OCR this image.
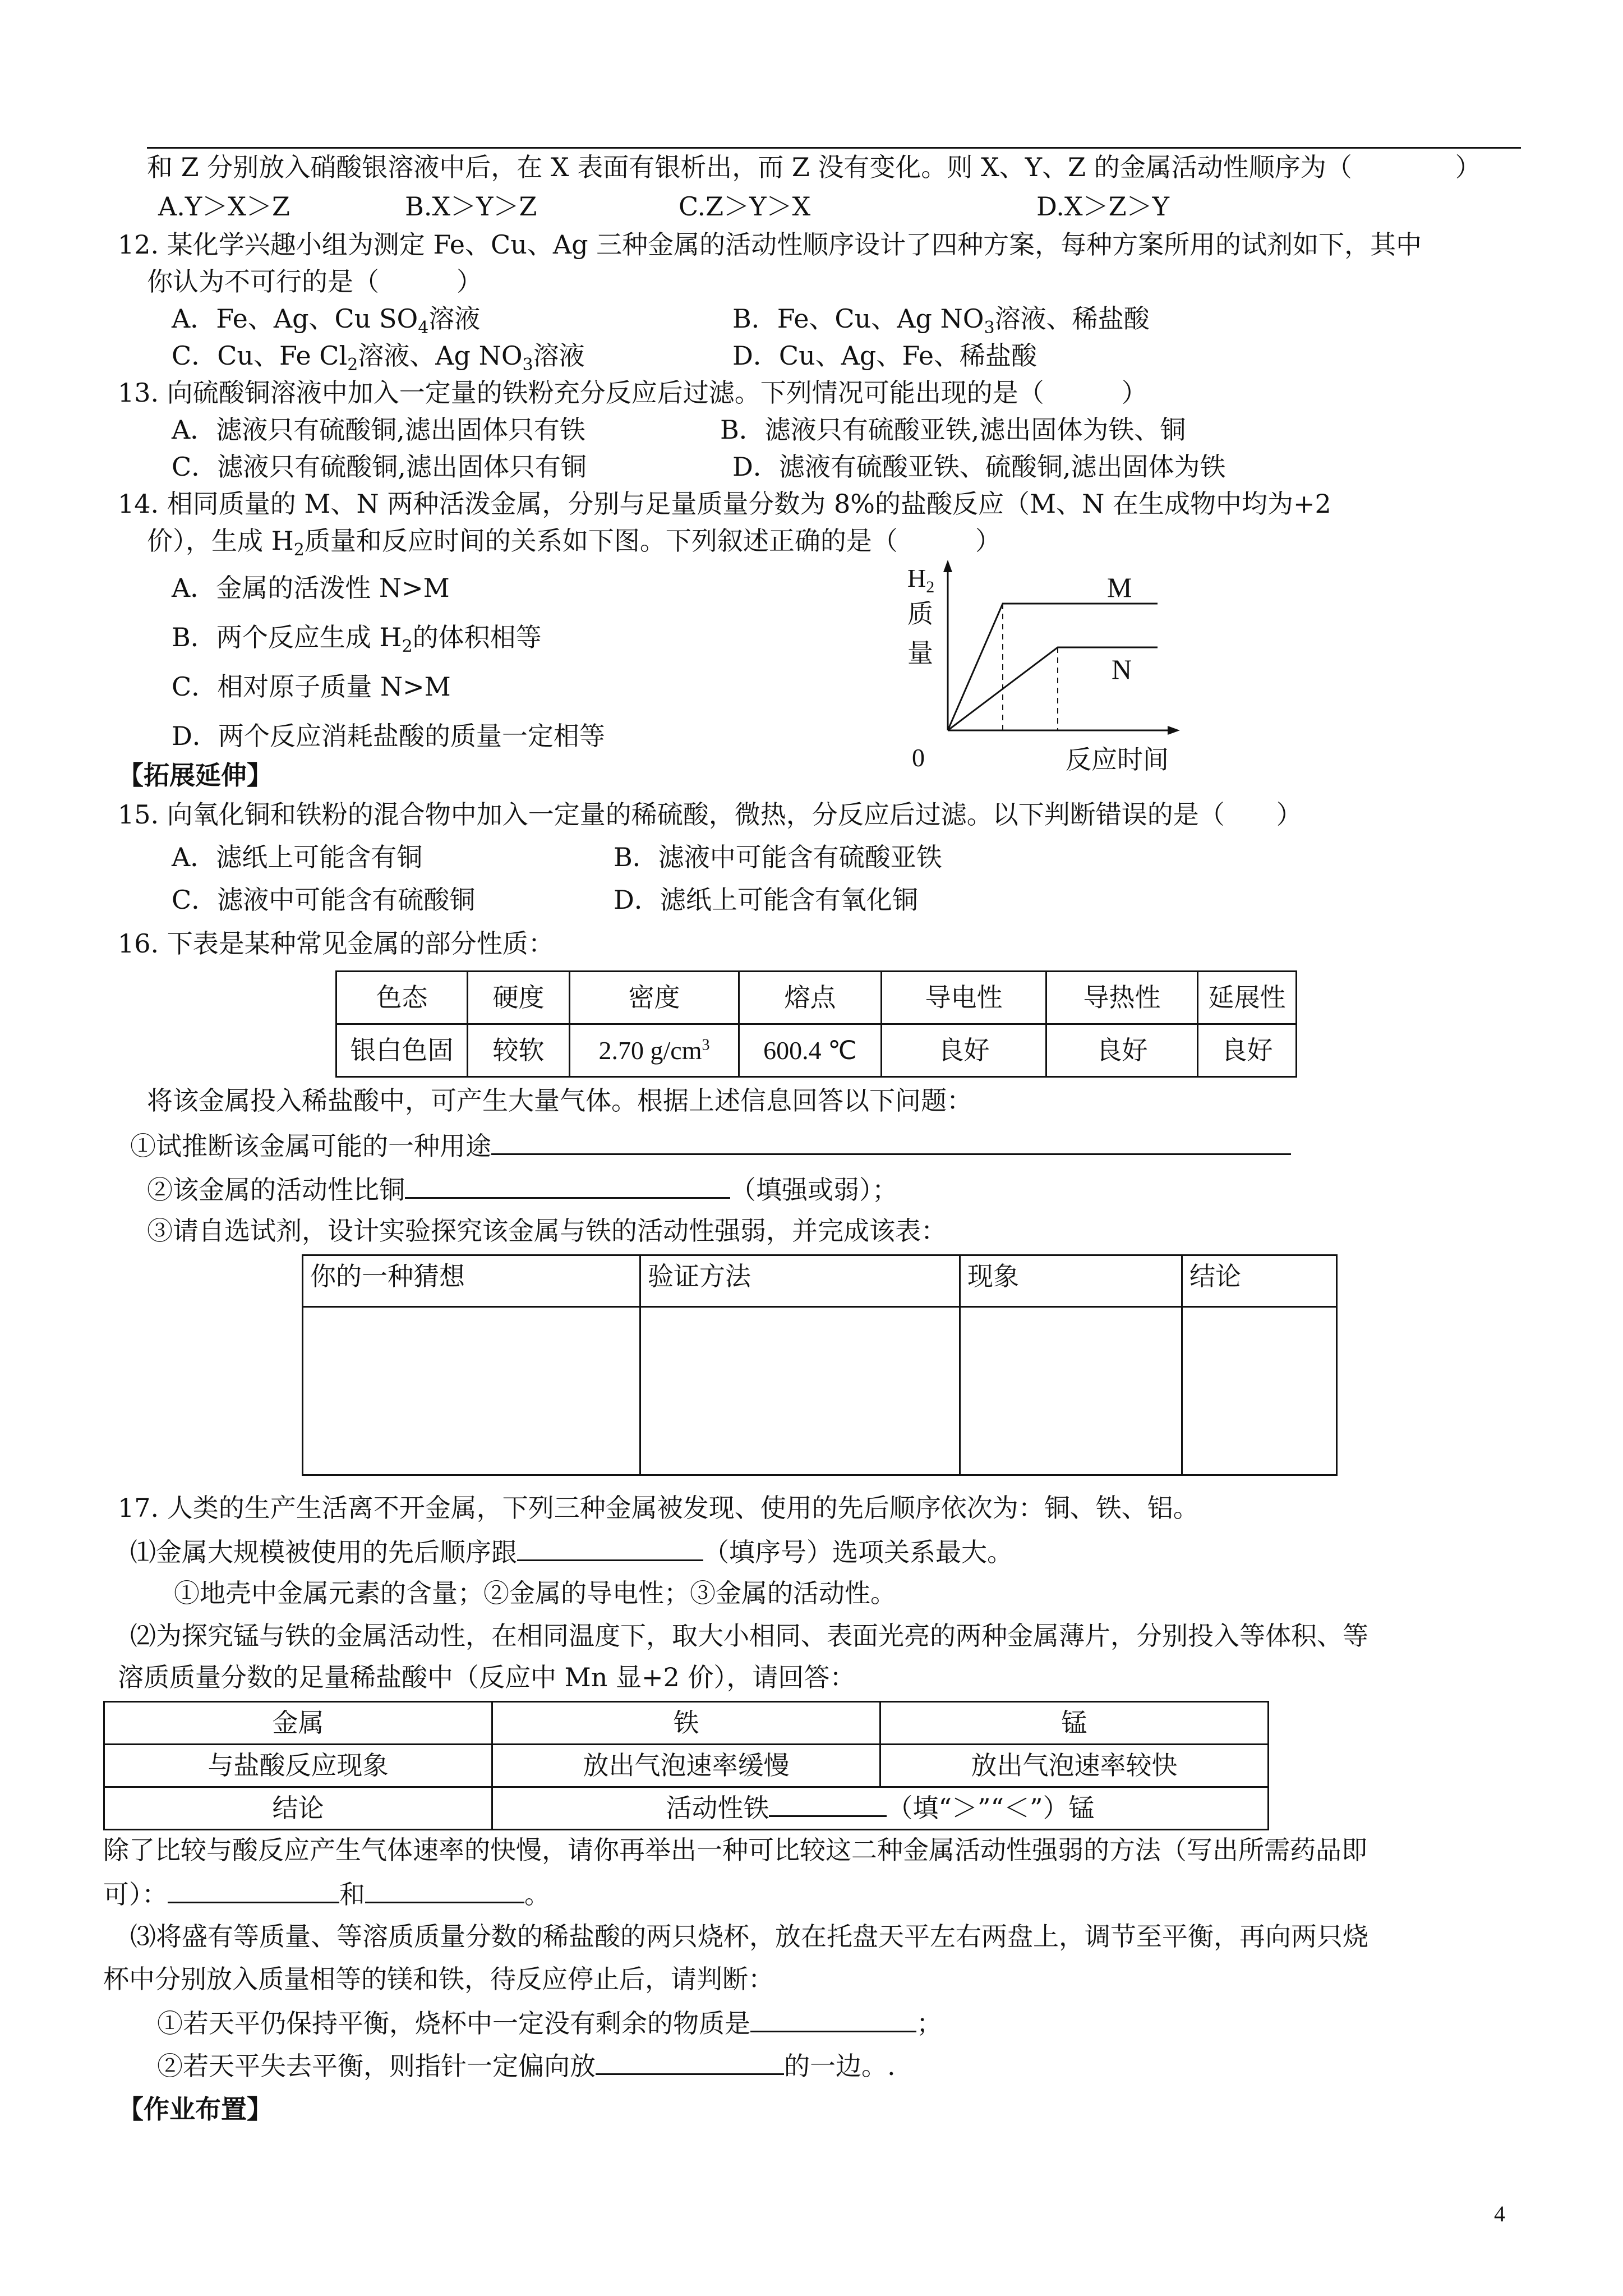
和 Z 分别放入硝酸银溶液中后，在 X 表面有银析出，而 Z 没有变化。则 X、Y、Z 的金属活动性顺序为（　　　　）
A.Y＞X＞Z	B.X＞Y＞Z	C.Z＞Y＞X	D.X＞Z＞Y
12. 某化学兴趣小组为测定 Fe、Cu、Ag 三种金属的活动性顺序设计了四种方案，每种方案所用的试剂如下，其中
你认为不可行的是（　　　）
A．Fe、Ag、Cu $SO_4$溶液	B．Fe、Cu、Ag $NO_3$溶液、稀盐酸
C．Cu、Fe $Cl_2$溶液、Ag $NO_3$溶液	D．Cu、Ag、Fe、稀盐酸
13. 向硫酸铜溶液中加入一定量的铁粉充分反应后过滤。下列情况可能出现的是（　　　）
A．滤液只有硫酸铜,滤出固体只有铁	B．滤液只有硫酸亚铁,滤出固体为铁、铜
C．滤液只有硫酸铜,滤出固体只有铜	D．滤液有硫酸亚铁、硫酸铜,滤出固体为铁
14. 相同质量的 M、N 两种活泼金属，分别与足量质量分数为 8%的盐酸反应（M、N 在生成物中均为+2
价），生成 $H_2$质量和反应时间的关系如下图。下列叙述正确的是（　　　）
A．金属的活泼性 N>M
B．两个反应生成 $H_2$的体积相等
C．相对原子质量 N>M
D．两个反应消耗盐酸的质量一定相等
$H_2$
质
量
0	反应时间
M
N
【拓展延伸】
15. 向氧化铜和铁粉的混合物中加入一定量的稀硫酸，微热，分反应后过滤。以下判断错误的是（　　）
A．滤纸上可能含有铜	B．滤液中可能含有硫酸亚铁
C．滤液中可能含有硫酸铜	D．滤纸上可能含有氧化铜
16. 下表是某种常见金属的部分性质：
色态	硬度	密度	熔点	导电性	导热性	延展性
银白色固	较软	2.70 $g/cm^3$	600.4 ℃	良好	良好	良好
将该金属投入稀盐酸中，可产生大量气体。根据上述信息回答以下问题：
①试推断该金属可能的一种用途
②该金属的活动性比铜	（填强或弱）；
③请自选试剂，设计实验探究该金属与铁的活动性强弱，并完成该表：
你的一种猜想	验证方法	现象	结论

17. 人类的生产生活离不开金属，下列三种金属被发现、使用的先后顺序依次为：铜、铁、铝。
⑴金属大规模被使用的先后顺序跟	（填序号）选项关系最大。
①地壳中金属元素的含量；②金属的导电性；③金属的活动性。
⑵为探究锰与铁的金属活动性，在相同温度下，取大小相同、表面光亮的两种金属薄片，分别投入等体积、等
溶质质量分数的足量稀盐酸中（反应中 Mn 显+2 价），请回答：
金属	铁	锰
与盐酸反应现象	放出气泡速率缓慢	放出气泡速率较快
结论	活动性铁 （填“＞”“＜”）锰	
除了比较与酸反应产生气体速率的快慢，请你再举出一种可比较这二种金属活动性强弱的方法（写出所需药品即
可）：	和	。
⑶将盛有等质量、等溶质质量分数的稀盐酸的两只烧杯，放在托盘天平左右两盘上，调节至平衡，再向两只烧
杯中分别放入质量相等的镁和铁，待反应停止后，请判断：
①若天平仍保持平衡，烧杯中一定没有剩余的物质是	；
②若天平失去平衡，则指针一定偏向放	的一边。.
【作业布置】
4
